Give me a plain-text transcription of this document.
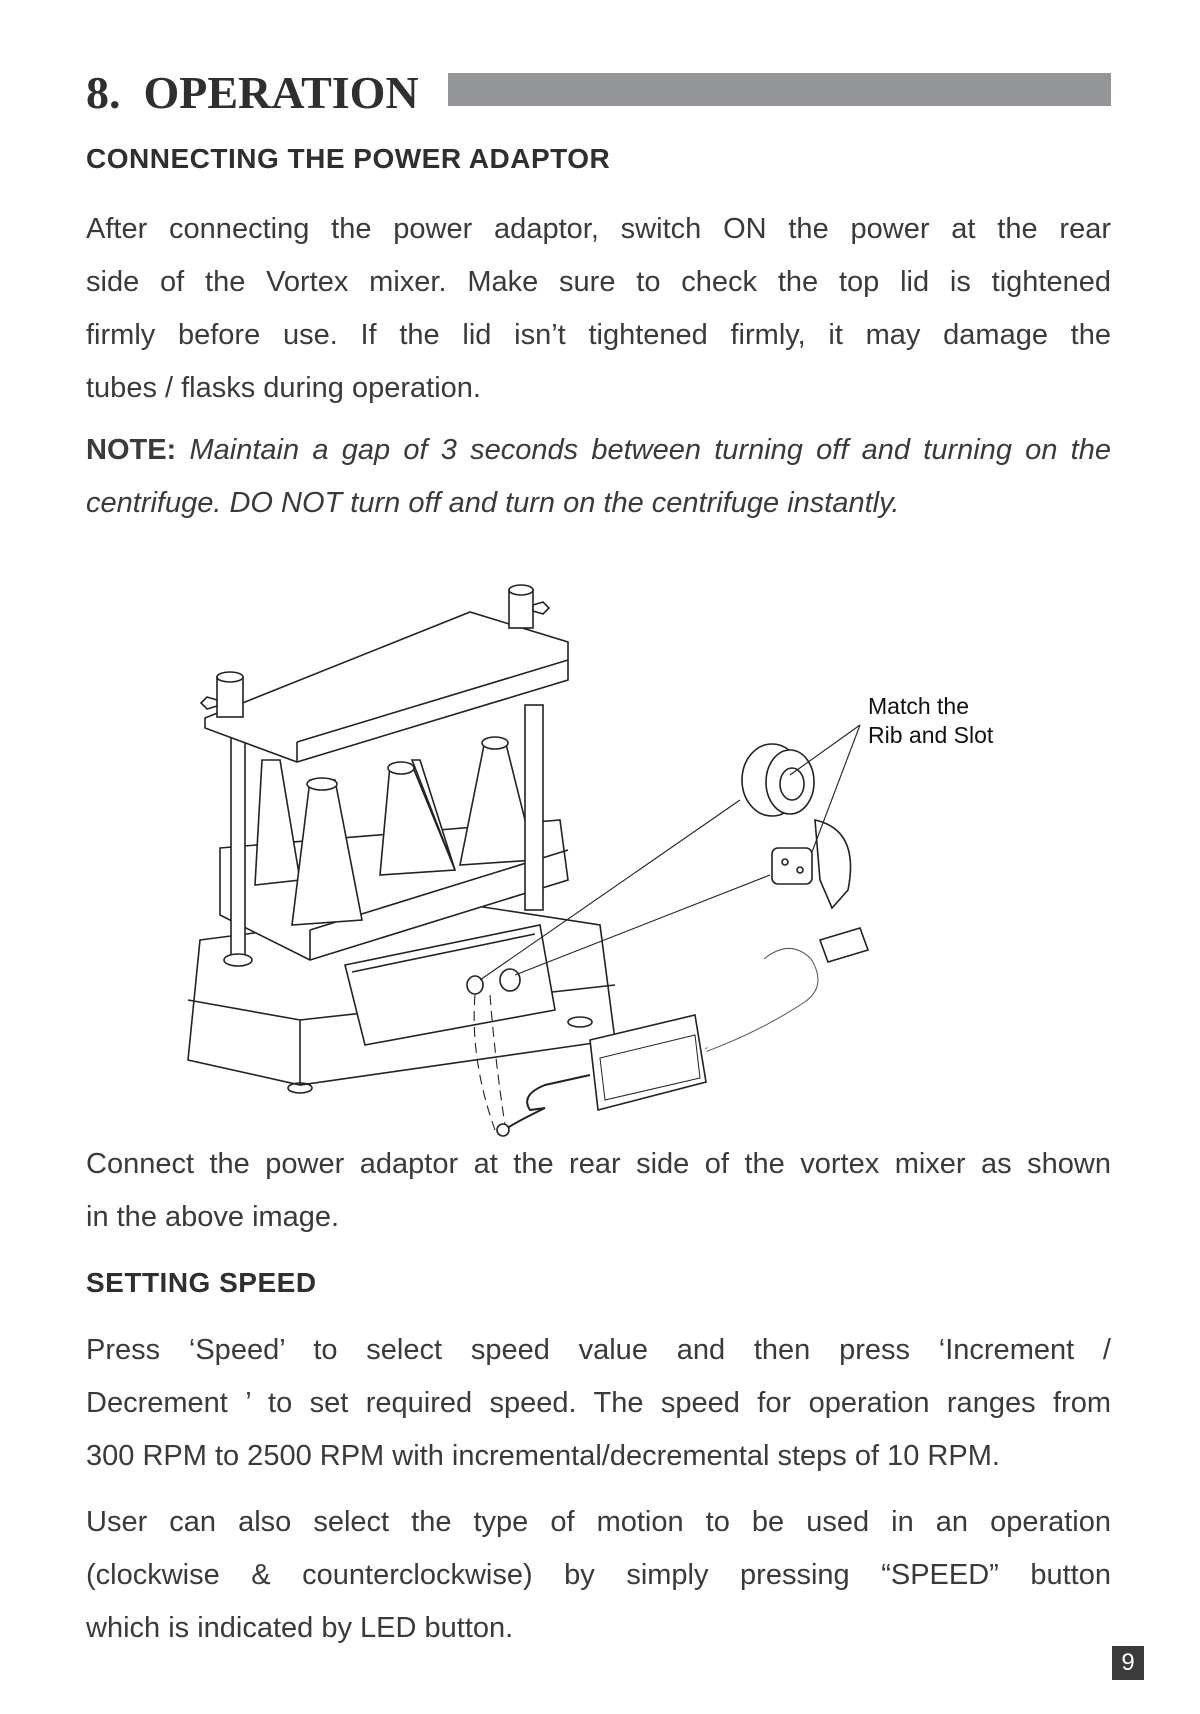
8. OPERATION
CONNECTING THE POWER ADAPTOR
After connecting the power adaptor, switch ON the power at the rear
side of the Vortex mixer. Make sure to check the top lid is tightened
firmly before use. If the lid isn’t tightened firmly, it may damage the
tubes / flasks during operation.
NOTE: Maintain a gap of 3 seconds between turning off and turning on the
centrifuge. DO NOT turn off and turn on the centrifuge instantly.
Match the
Rib and Slot
Connect the power adaptor at the rear side of the vortex mixer as shown
in the above image.
SETTING SPEED
Press ‘Speed’ to select speed value and then press ‘Increment /
Decrement ’ to set required speed. The speed for operation ranges from
300 RPM to 2500 RPM with incremental/decremental steps of 10 RPM.
User can also select the type of motion to be used in an operation
(clockwise & counterclockwise) by simply pressing “SPEED” button
which is indicated by LED button.
9
